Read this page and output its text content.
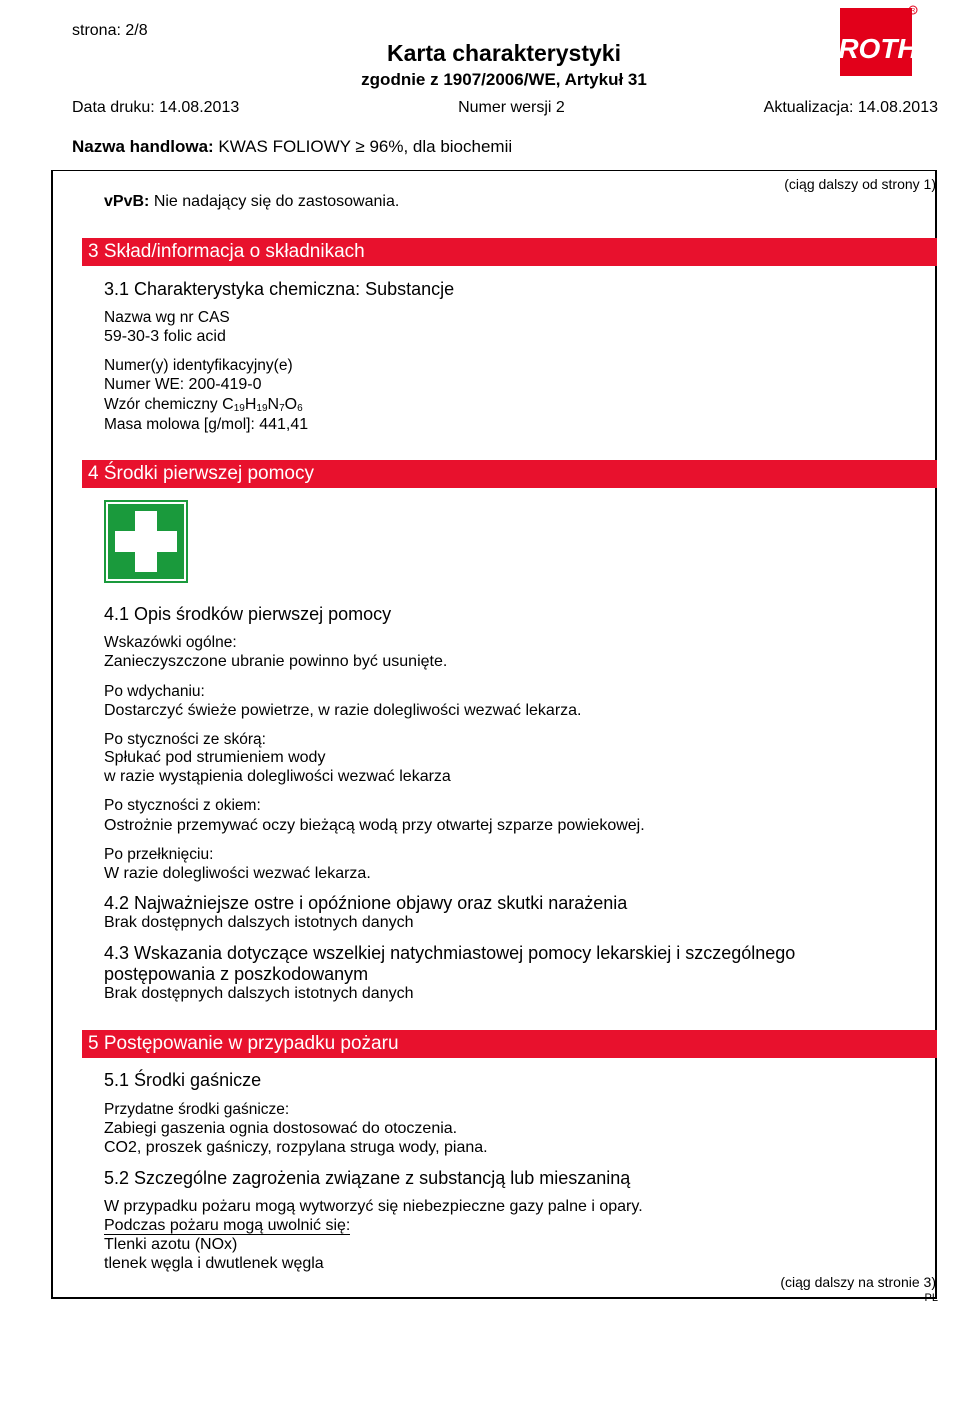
strona: 2/8
Karta charakterystyki
zgodnie z 1907/2006/WE, Artykuł 31
ROTH
R
Data druku: 14.08.2013	Numer wersji 2	Aktualizacja: 14.08.2013
Nazwa handlowa: KWAS FOLIOWY ≥ 96%, dla biochemii
(ciąg dalszy od strony 1)
vPvB: Nie nadający się do zastosowania.
3 Skład/informacja o składnikach
3.1 Charakterystyka chemiczna: Substancje
Nazwa wg nr CAS
59-30-3 folic acid
Numer(y) identyfikacyjny(e)
Numer WE: 200-419-0
Wzór chemiczny $C_{19}H_{19}N_7O_6$
Masa molowa [g/mol]: 441,41
4 Środki pierwszej pomocy
4.1 Opis środków pierwszej pomocy
Wskazówki ogólne:
Zanieczyszczone ubranie powinno być usunięte.
Po wdychaniu:
Dostarczyć świeże powietrze, w razie dolegliwości wezwać lekarza.
Po styczności ze skórą:
Spłukać pod strumieniem wody
w razie wystąpienia dolegliwości wezwać lekarza
Po styczności z okiem:
Ostrożnie przemywać oczy bieżącą wodą przy otwartej szparze powiekowej.
Po przełknięciu:
W razie dolegliwości wezwać lekarza.
4.2 Najważniejsze ostre i opóźnione objawy oraz skutki narażenia
Brak dostępnych dalszych istotnych danych
4.3 Wskazania dotyczące wszelkiej natychmiastowej pomocy lekarskiej i szczególnego
postępowania z poszkodowanym
Brak dostępnych dalszych istotnych danych
5 Postępowanie w przypadku pożaru
5.1 Środki gaśnicze
Przydatne środki gaśnicze:
Zabiegi gaszenia ognia dostosować do otoczenia.
CO2, proszek gaśniczy, rozpylana struga wody, piana.
5.2 Szczególne zagrożenia związane z substancją lub mieszaniną
W przypadku pożaru mogą wytworzyć się niebezpieczne gazy palne i opary.
Podczas pożaru mogą uwolnić się:
Tlenki azotu (NOx)
tlenek węgla i dwutlenek węgla
(ciąg dalszy na stronie 3)
PL
